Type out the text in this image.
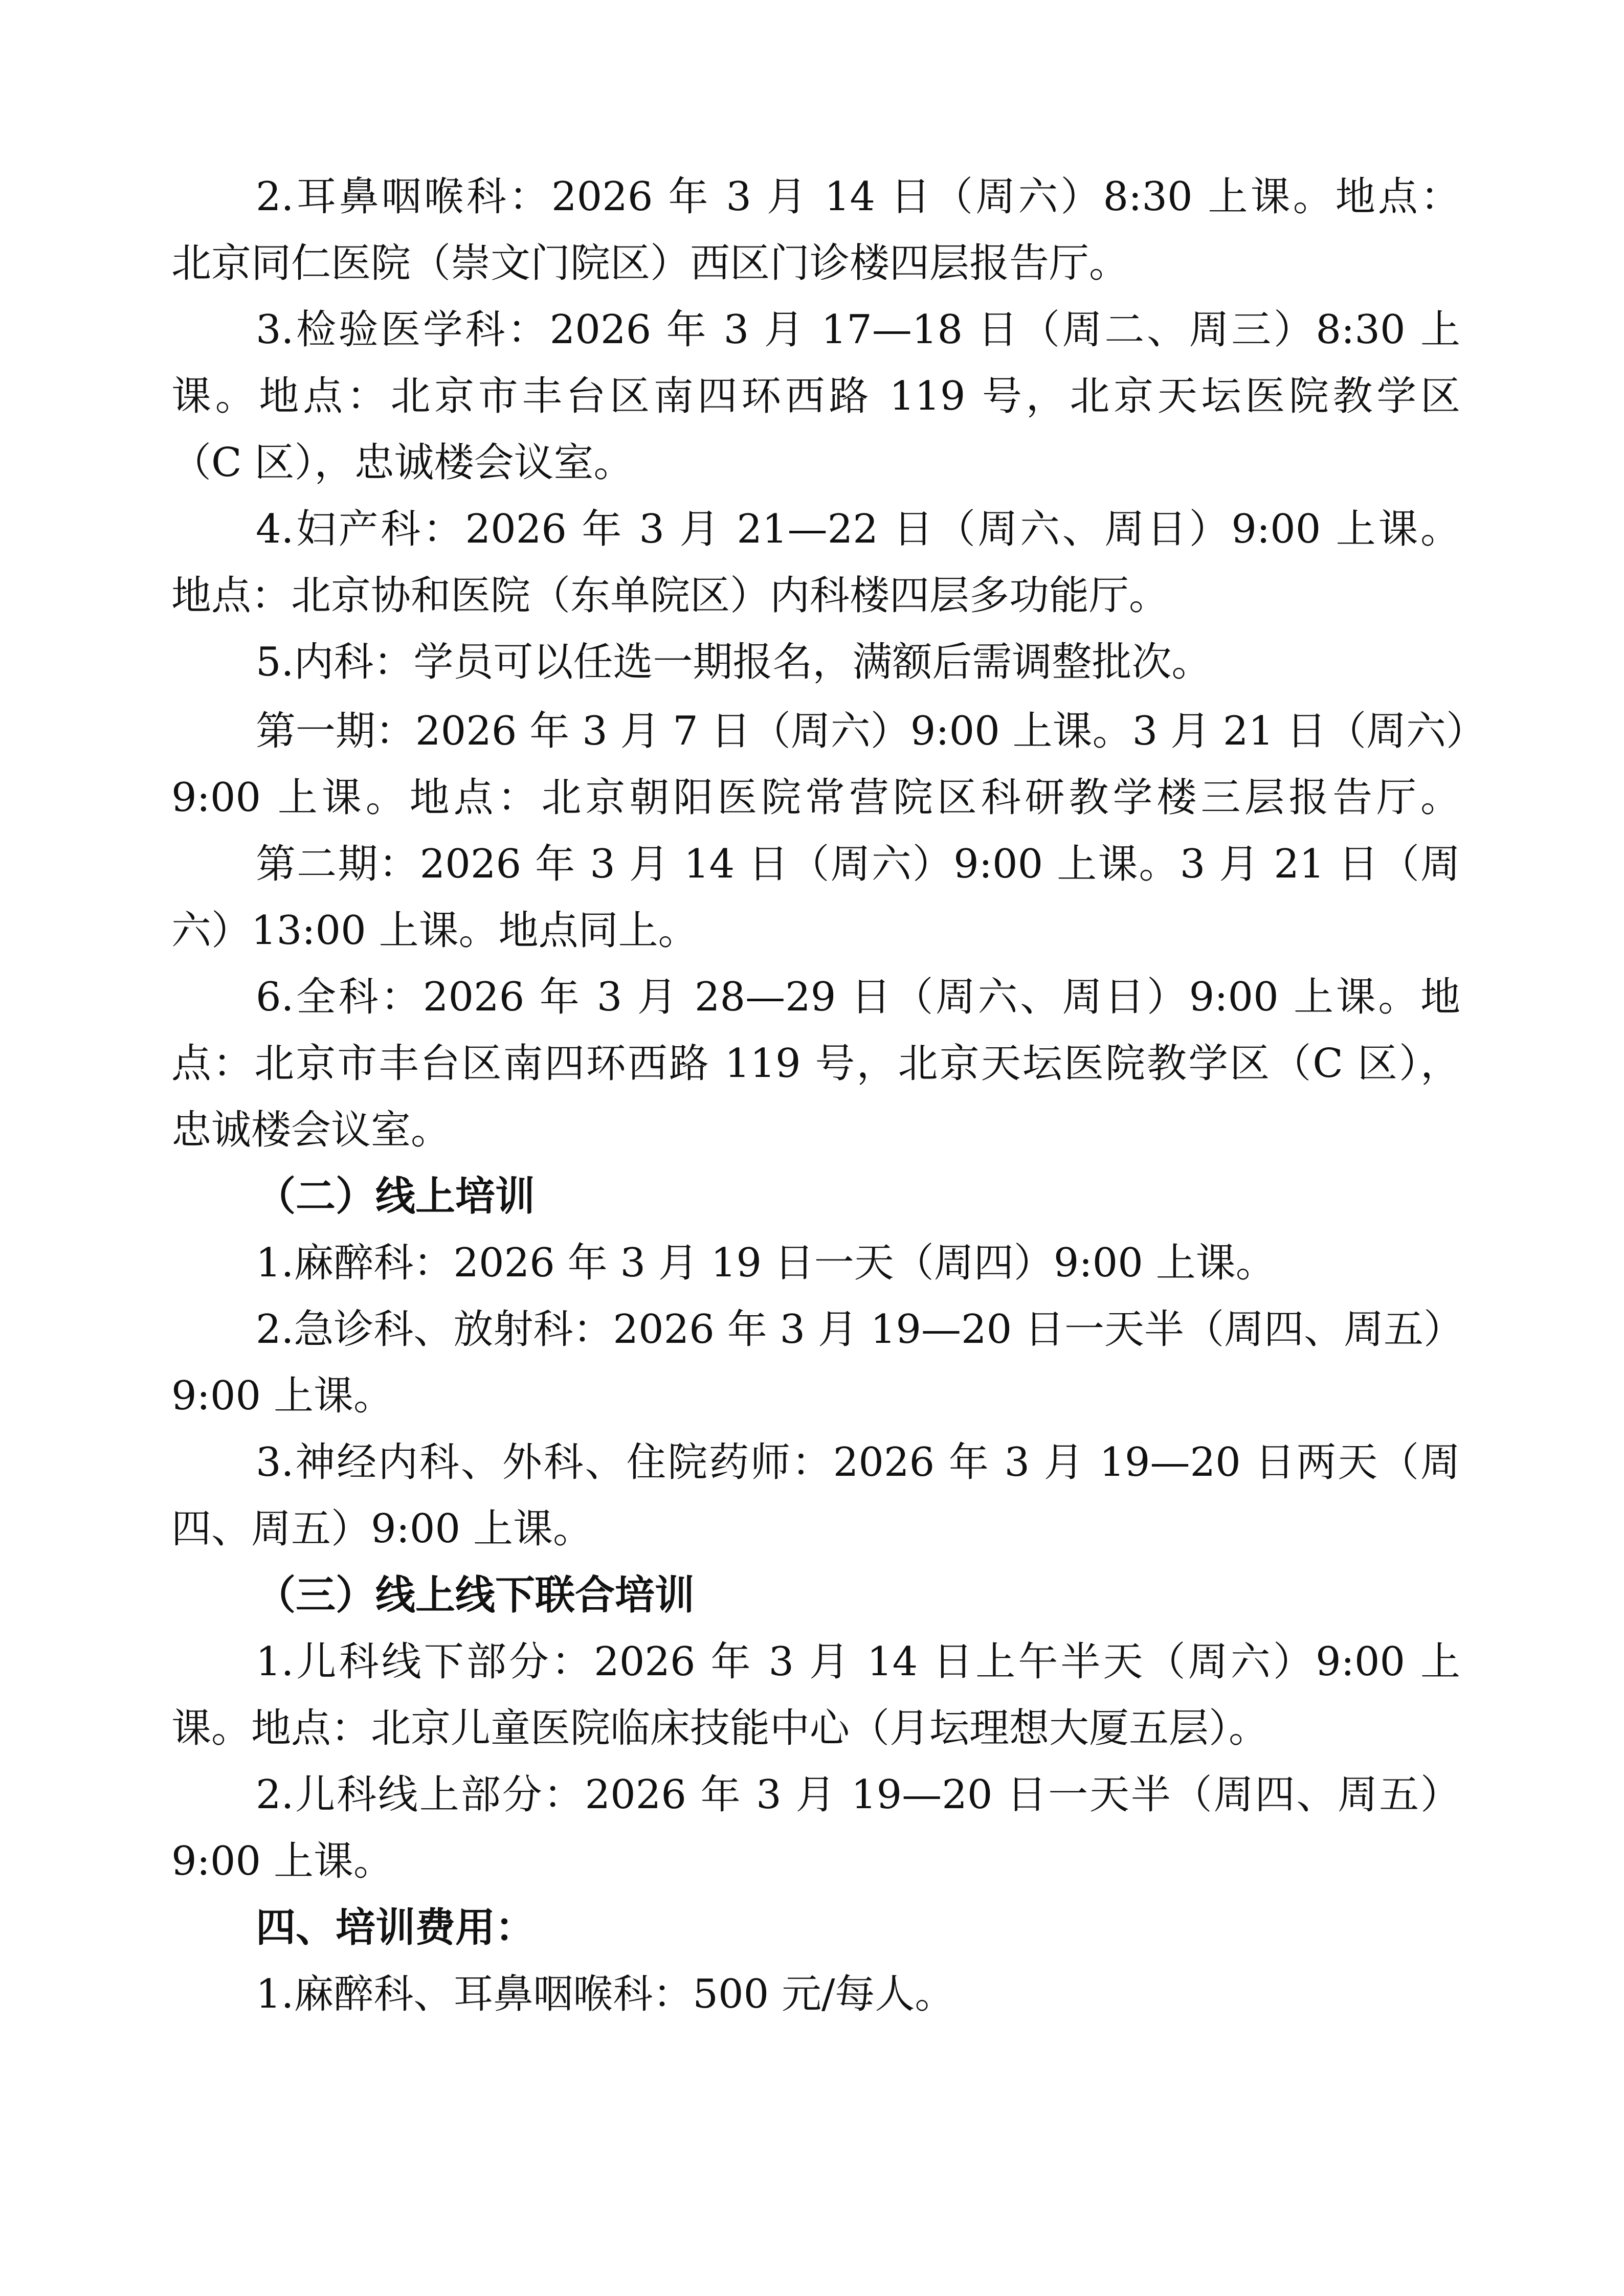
2.耳鼻咽喉科：2026 年 3 月 14 日（周六）8:30 上课。地点：
北京同仁医院（崇文门院区）西区门诊楼四层报告厅。
3.检验医学科：2026 年 3 月 17—18 日（周二、周三）8:30 上
课。地点：北京市丰台区南四环西路 119 号，北京天坛医院教学区
（C 区），忠诚楼会议室。
4.妇产科：2026 年 3 月 21—22 日（周六、周日）9:00 上课。
地点：北京协和医院（东单院区）内科楼四层多功能厅。
5.内科：学员可以任选一期报名，满额后需调整批次。
第一期：2026 年 3 月 7 日（周六）9:00 上课。3 月 21 日（周六）
9:00 上课。地点：北京朝阳医院常营院区科研教学楼三层报告厅。
第二期：2026 年 3 月 14 日（周六）9:00 上课。3 月 21 日（周
六）13:00 上课。地点同上。
6.全科：2026 年 3 月 28—29 日（周六、周日）9:00 上课。地
点：北京市丰台区南四环西路 119 号，北京天坛医院教学区（C 区），
忠诚楼会议室。
（二）线上培训
1.麻醉科：2026 年 3 月 19 日一天（周四）9:00 上课。
2.急诊科、放射科：2026 年 3 月 19—20 日一天半（周四、周五）
9:00 上课。
3.神经内科、外科、住院药师：2026 年 3 月 19—20 日两天（周
四、周五）9:00 上课。
（三）线上线下联合培训
1.儿科线下部分：2026 年 3 月 14 日上午半天（周六）9:00 上
课。地点：北京儿童医院临床技能中心（月坛理想大厦五层）。
2.儿科线上部分：2026 年 3 月 19—20 日一天半（周四、周五）
9:00 上课。
四、培训费用：
1.麻醉科、耳鼻咽喉科：500 元/每人。
